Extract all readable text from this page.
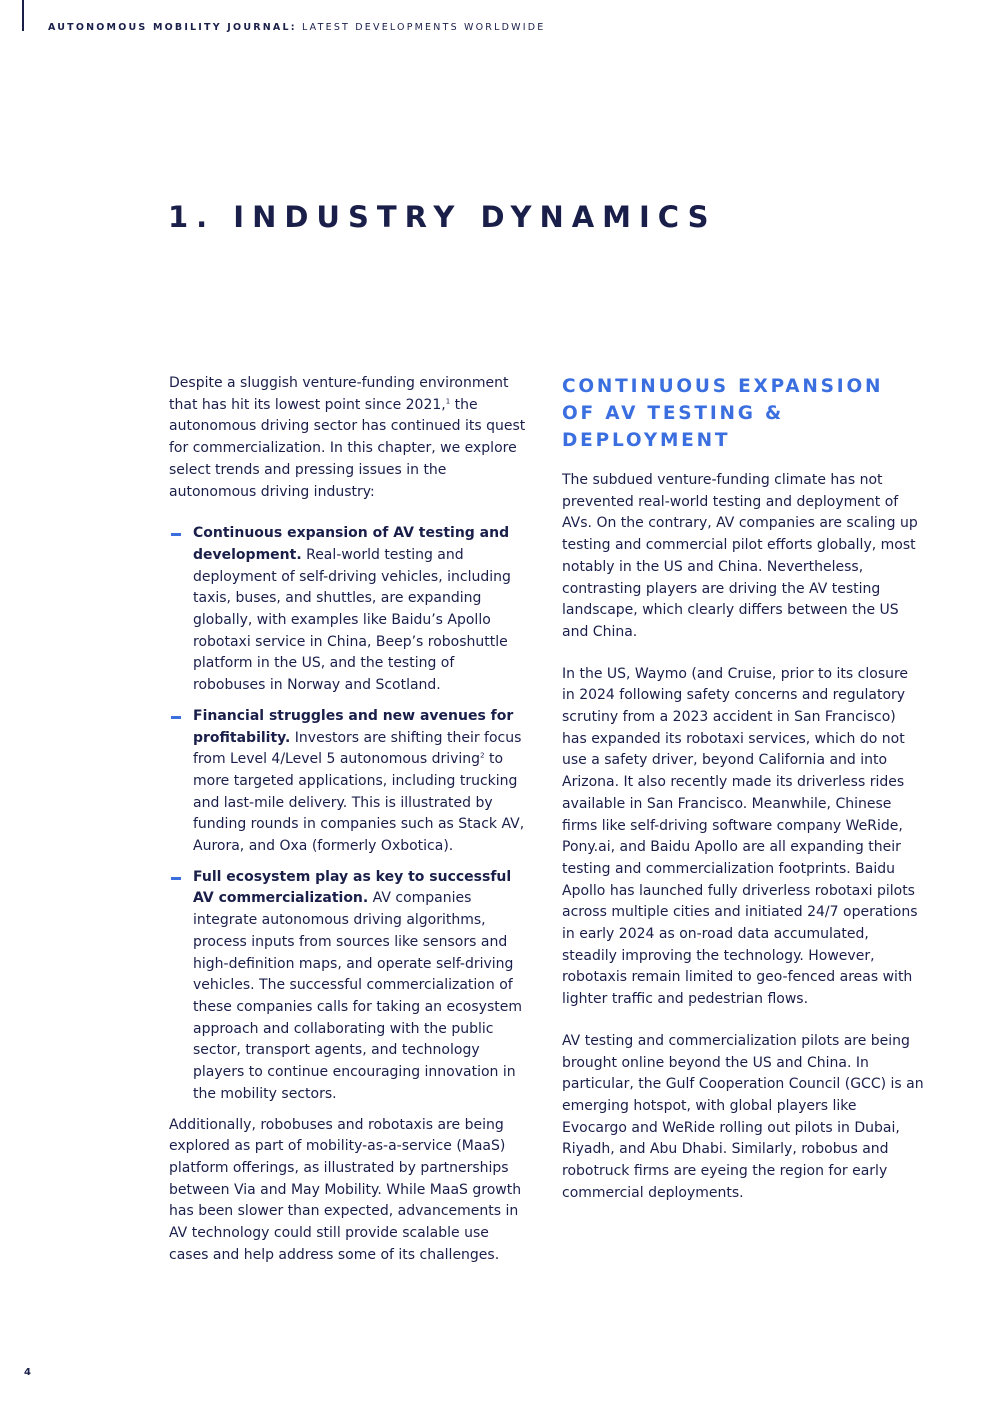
AUTONOMOUS MOBILITY JOURNAL: LATEST DEVELOPMENTS WORLDWIDE
1. INDUSTRY DYNAMICS

Despite a sluggish venture-funding environment that has hit its lowest point since 2021,$^1$ the autonomous driving sector has continued its quest for commercialization. In this chapter, we explore select trends and pressing issues in the autonomous driving industry:

Continuous expansion of AV testing and development. Real-world testing and deployment of self-driving vehicles, including taxis, buses, and shuttles, are expanding globally, with examples like Baidu’s Apollo robotaxi service in China, Beep’s roboshuttle platform in the US, and the testing of robobuses in Norway and Scotland.
Financial struggles and new avenues for profitability. Investors are shifting their focus from Level 4/Level 5 autonomous driving$^2$ to more targeted applications, including trucking and last-mile delivery. This is illustrated by funding rounds in companies such as Stack AV, Aurora, and Oxa (formerly Oxbotica).
Full ecosystem play as key to successful AV commercialization. AV companies integrate autonomous driving algorithms, process inputs from sources like sensors and high-definition maps, and operate self-driving vehicles. The successful commercialization of these companies calls for taking an ecosystem approach and collaborating with the public sector, transport agents, and technology players to continue encouraging innovation in the mobility sectors.

Additionally, robobuses and robotaxis are being explored as part of mobility-as-a-service (MaaS) platform offerings, as illustrated by partnerships between Via and May Mobility. While MaaS growth has been slower than expected, advancements in AV technology could still provide scalable use cases and help address some of its challenges.

CONTINUOUS EXPANSION OF AV TESTING & DEPLOYMENT

The subdued venture-funding climate has not prevented real-world testing and deployment of AVs. On the contrary, AV companies are scaling up testing and commercial pilot efforts globally, most notably in the US and China. Nevertheless, contrasting players are driving the AV testing landscape, which clearly differs between the US and China.

In the US, Waymo (and Cruise, prior to its closure in 2024 following safety concerns and regulatory scrutiny from a 2023 accident in San Francisco) has expanded its robotaxi services, which do not use a safety driver, beyond California and into Arizona. It also recently made its driverless rides available in San Francisco. Meanwhile, Chinese firms like self-driving software company WeRide, Pony.ai, and Baidu Apollo are all expanding their testing and commercialization footprints. Baidu Apollo has launched fully driverless robotaxi pilots across multiple cities and initiated 24/7 operations in early 2024 as on-road data accumulated, steadily improving the technology. However, robotaxis remain limited to geo-fenced areas with lighter traffic and pedestrian flows.

AV testing and commercialization pilots are being brought online beyond the US and China. In particular, the Gulf Cooperation Council (GCC) is an emerging hotspot, with global players like Evocargo and WeRide rolling out pilots in Dubai, Riyadh, and Abu Dhabi. Similarly, robobus and robotruck firms are eyeing the region for early commercial deployments.

4
